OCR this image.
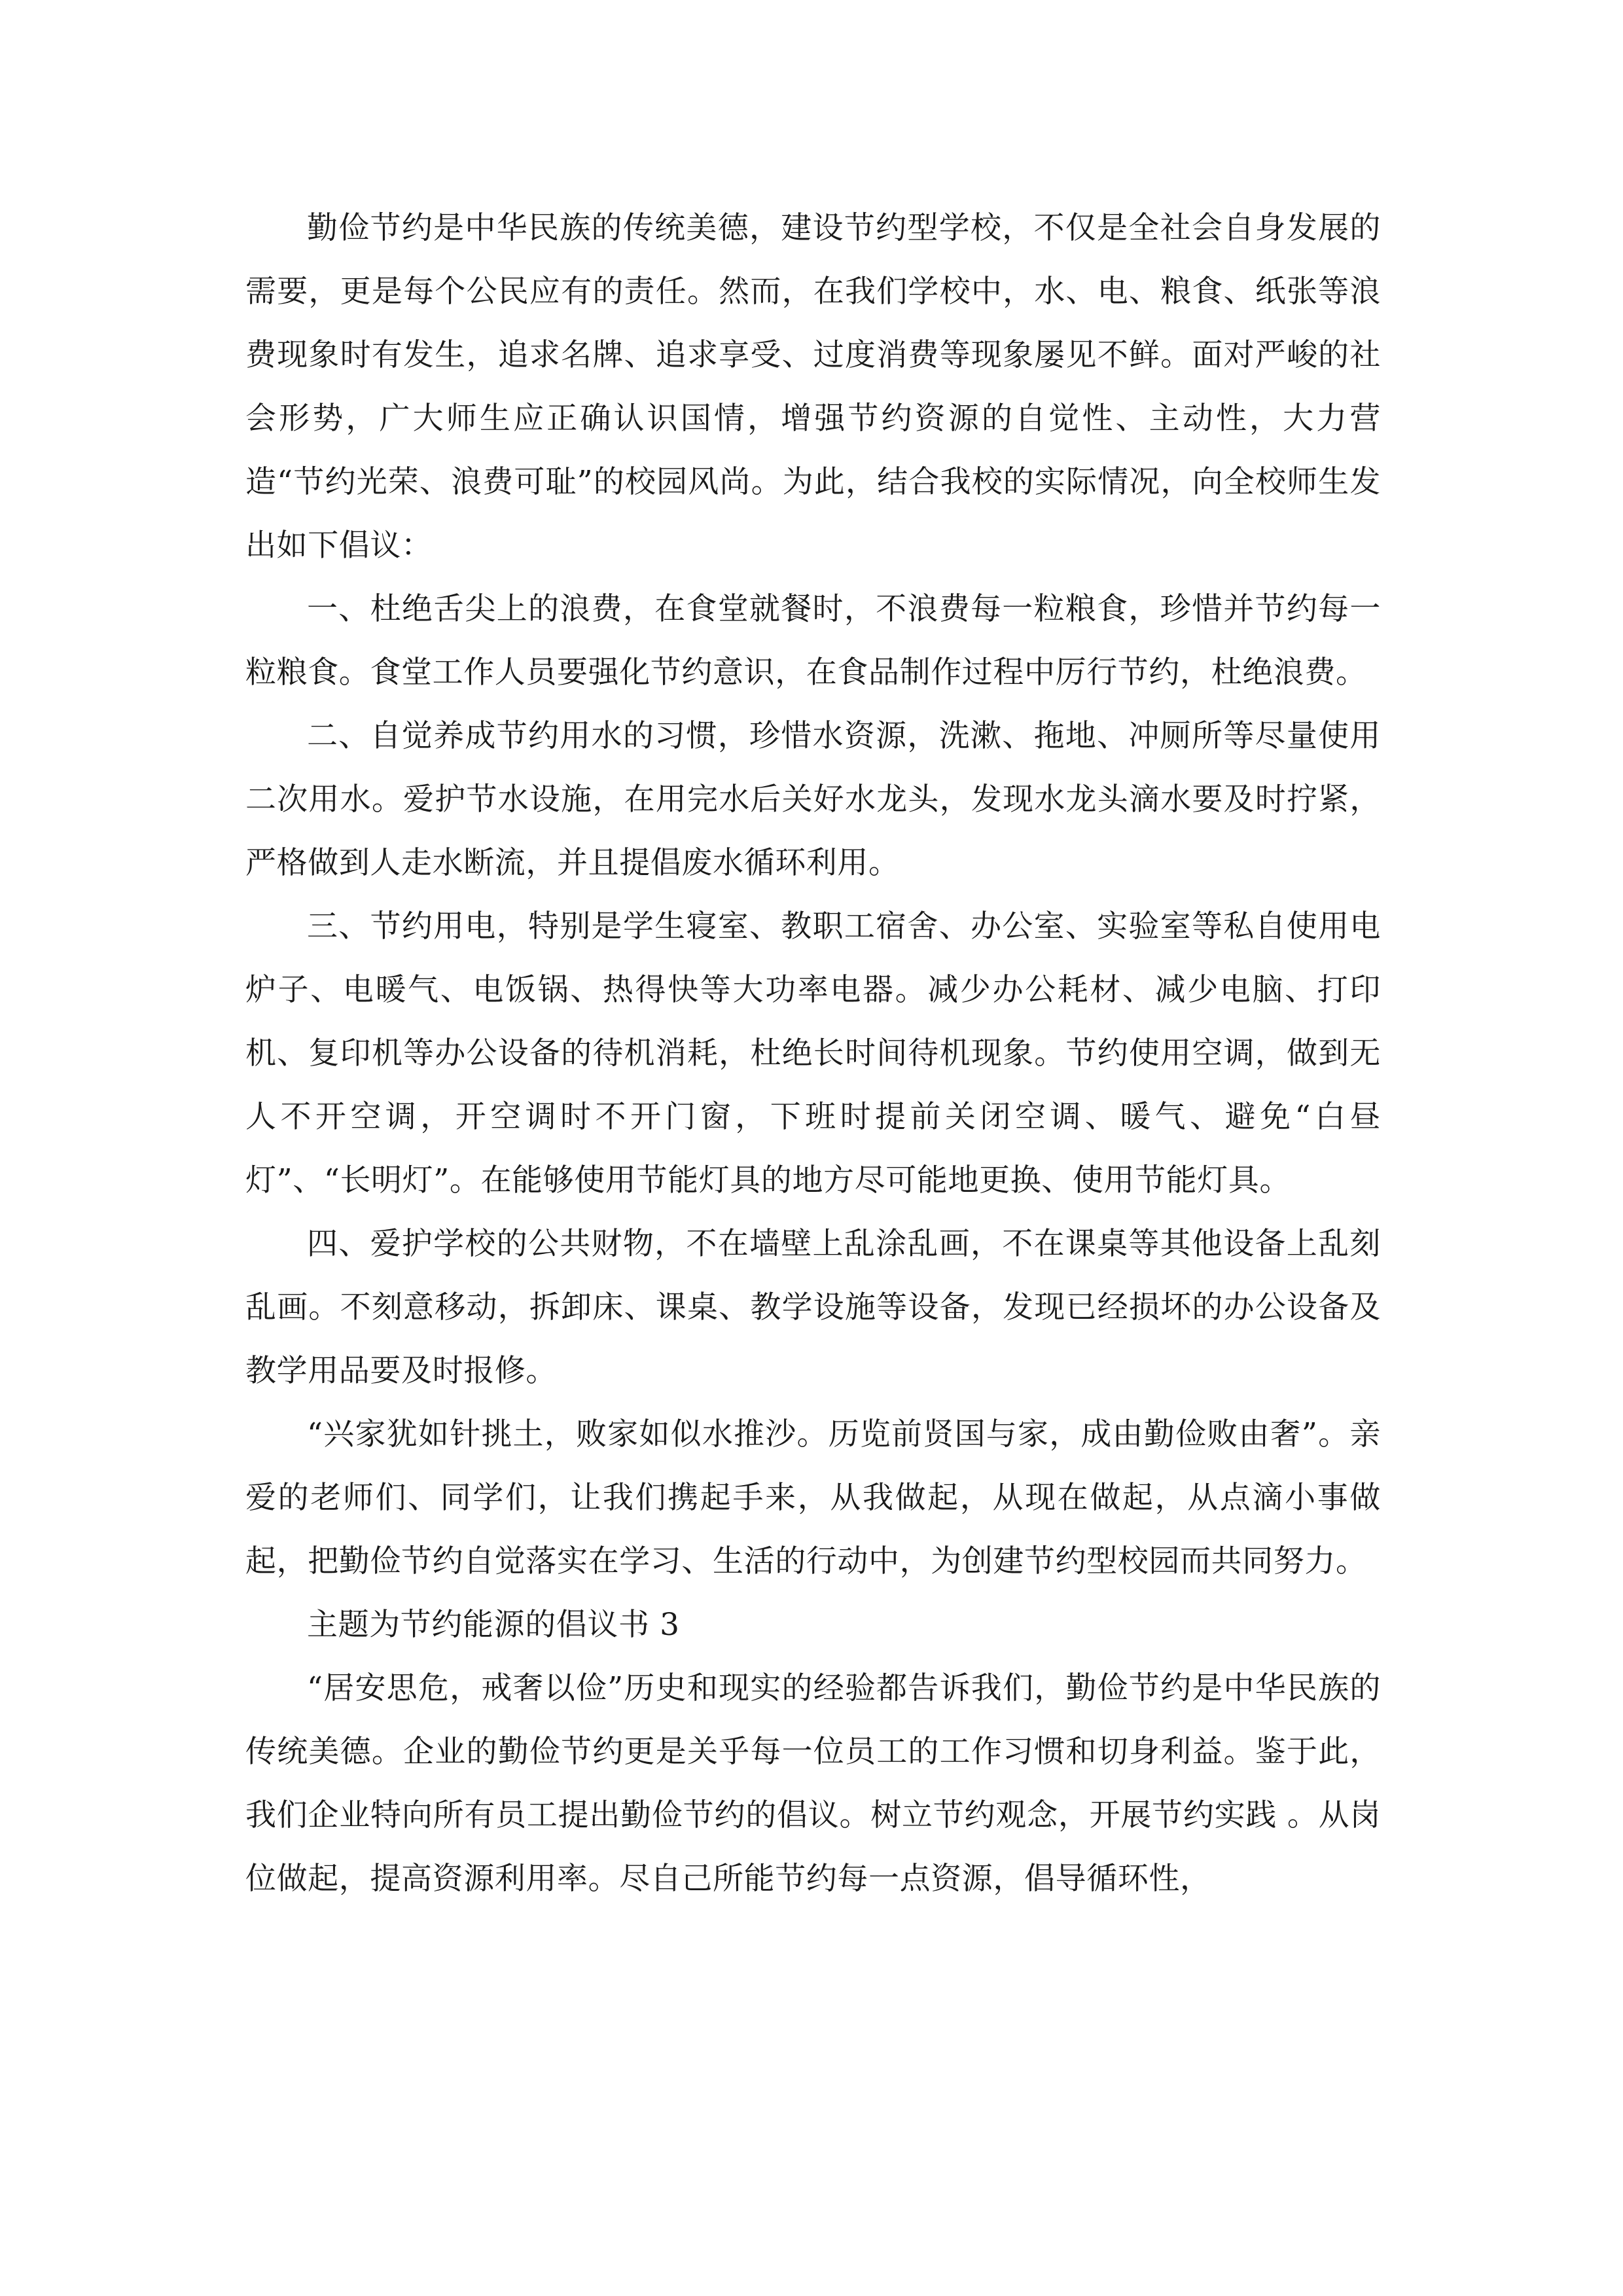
勤俭节约是中华民族的传统美德，建设节约型学校，不仅是全社会自身发展的需要，更是每个公民应有的责任。然而，在我们学校中，水、电、粮食、纸张等浪费现象时有发生，追求名牌、追求享受、过度消费等现象屡见不鲜。面对严峻的社会形势，广大师生应正确认识国情，增强节约资源的自觉性、主动性，大力营造“节约光荣、浪费可耻”的校园风尚。为此，结合我校的实际情况，向全校师生发出如下倡议：

一、杜绝舌尖上的浪费，在食堂就餐时，不浪费每一粒粮食，珍惜并节约每一粒粮食。食堂工作人员要强化节约意识，在食品制作过程中厉行节约，杜绝浪费。

二、自觉养成节约用水的习惯，珍惜水资源，洗漱、拖地、冲厕所等尽量使用二次用水。爱护节水设施，在用完水后关好水龙头，发现水龙头滴水要及时拧紧，严格做到人走水断流，并且提倡废水循环利用。

三、节约用电，特别是学生寝室、教职工宿舍、办公室、实验室等私自使用电炉子、电暖气、电饭锅、热得快等大功率电器。减少办公耗材、减少电脑、打印机、复印机等办公设备的待机消耗，杜绝长时间待机现象。节约使用空调，做到无人不开空调，开空调时不开门窗，下班时提前关闭空调、暖气、避免“白昼灯”、“长明灯”。在能够使用节能灯具的地方尽可能地更换、使用节能灯具。

四、爱护学校的公共财物，不在墙壁上乱涂乱画，不在课桌等其他设备上乱刻乱画。不刻意移动，拆卸床、课桌、教学设施等设备，发现已经损坏的办公设备及教学用品要及时报修。

“兴家犹如针挑土，败家如似水推沙。历览前贤国与家，成由勤俭败由奢”。亲爱的老师们、同学们，让我们携起手来，从我做起，从现在做起，从点滴小事做起，把勤俭节约自觉落实在学习、生活的行动中，为创建节约型校园而共同努力。

主题为节约能源的倡议书 3

“居安思危，戒奢以俭”历史和现实的经验都告诉我们，勤俭节约是中华民族的传统美德。企业的勤俭节约更是关乎每一位员工的工作习惯和切身利益。鉴于此，我们企业特向所有员工提出勤俭节约的倡议。树立节约观念，开展节约实践 。从岗位做起，提高资源利用率。尽自己所能节约每一点资源，倡导循环性，
